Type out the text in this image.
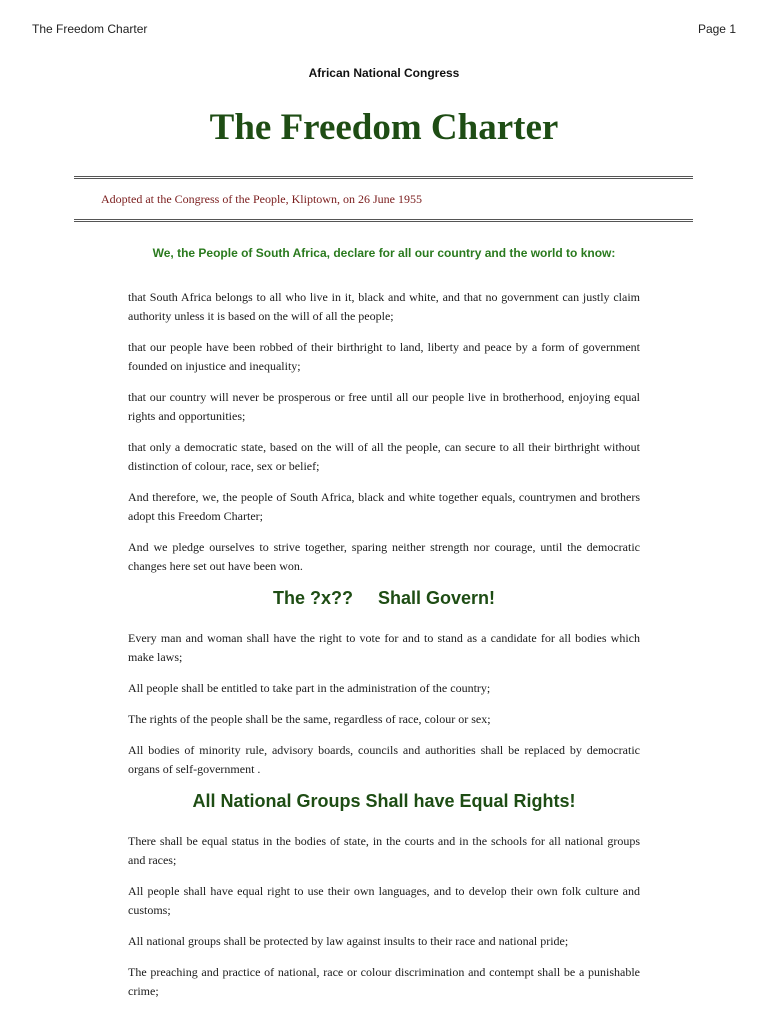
The Freedom Charter	Page 1
African National Congress
The Freedom Charter
Adopted at the Congress of the People, Kliptown, on 26 June 1955
We, the People of South Africa, declare for all our country and the world to know:

that South Africa belongs to all who live in it, black and white, and that no government can justly claim authority unless it is based on the will of all the people;

that our people have been robbed of their birthright to land, liberty and peace by a form of government founded on injustice and inequality;

that our country will never be prosperous or free until all our people live in brotherhood, enjoying equal rights and opportunities;

that only a democratic state, based on the will of all the people, can secure to all their birthright without distinction of colour, race, sex or belief;

And therefore, we, the people of South Africa, black and white together equals, countrymen and brothers adopt this Freedom Charter;

And we pledge ourselves to strive together, sparing neither strength nor courage, until the democratic changes here set out have been won.

The ?x??     Shall Govern!

Every man and woman shall have the right to vote for and to stand as a candidate for all bodies which make laws;

All people shall be entitled to take part in the administration of the country;

The rights of the people shall be the same, regardless of race, colour or sex;

All bodies of minority rule, advisory boards, councils and authorities shall be replaced by democratic organs of self-government .

All National Groups Shall have Equal Rights!

There shall be equal status in the bodies of state, in the courts and in the schools for all national groups and races;

All people shall have equal right to use their own languages, and to develop their own folk culture and customs;

All national groups shall be protected by law against insults to their race and national pride;

The preaching and practice of national, race or colour discrimination and contempt shall be a punishable crime;
